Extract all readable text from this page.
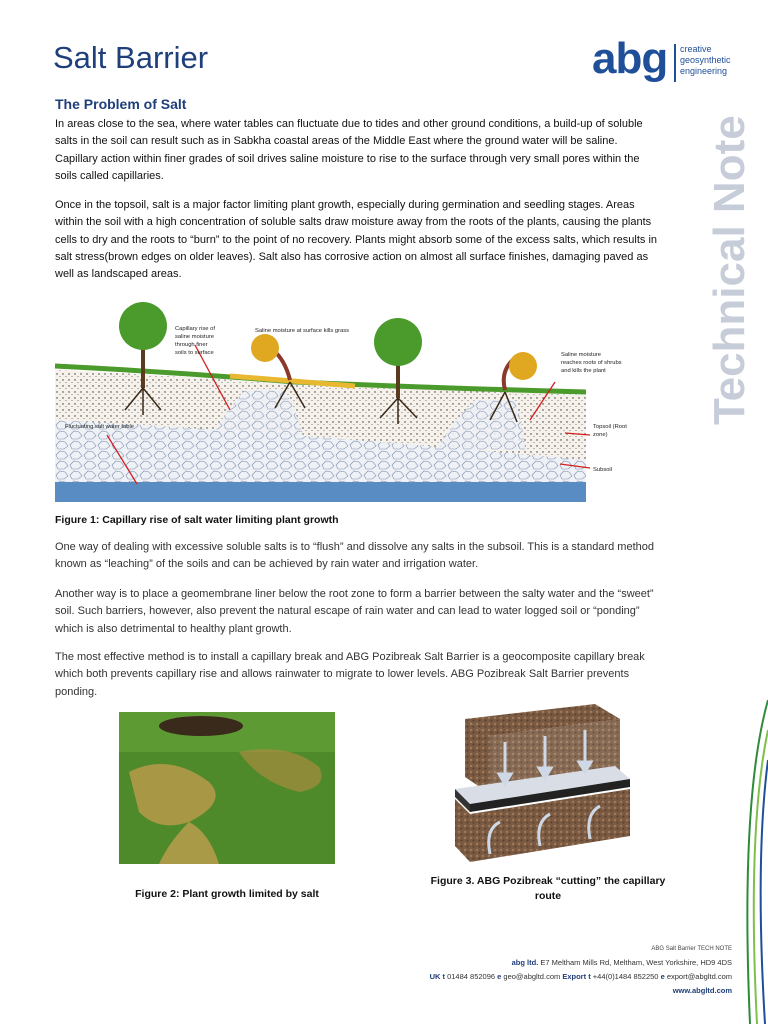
Salt Barrier	abg creative
geosynthetic
engineering
Technical Note
The Problem of Salt
In areas close to the sea, where water tables can fluctuate due to tides and other ground conditions, a build-up of soluble salts in the soil can result such as in Sabkha coastal areas of the Middle East where the ground water will be saline. Capillary action within finer grades of soil drives saline moisture to rise to the surface through very small pores within the soils called capillaries.
Once in the topsoil, salt is a major factor limiting plant growth, especially during germination and seedling stages. Areas within the soil with a high concentration of soluble salts draw moisture away from the roots of the plants, causing the plants cells to dry and the roots to “burn” to the point of no recovery. Plants might absorb some of the excess salts, which results in salt stress(brown edges on older leaves). Salt also has corrosive action on almost all surface finishes, damaging paved as well as landscaped areas.
Capillary rise of
saline moisture
through finer
soils to surface
Saline moisture at surface kills grass
Saline moisture
reaches roots of shrubs
and kills the plant
Fluctuating salt water table	Topsoil (Root
zone)
Subsoil
Figure 1: Capillary rise of salt water limiting plant growth
One way of dealing with excessive soluble salts is to “flush” and dissolve any salts in the subsoil. This is a standard method known as “leaching” of the soils and can be achieved by rain water and irrigation water.
Another way is to place a geomembrane liner below the root zone to form a barrier between the salty water and the “sweet” soil. Such barriers, however, also prevent the natural escape of rain water and can lead to water logged soil or “ponding” which is also detrimental to healthy plant growth.
The most effective method is to install a capillary break and ABG Pozibreak Salt Barrier is a geocomposite capillary break which both prevents capillary rise and allows rainwater to migrate to lower levels. ABG Pozibreak Salt Barrier prevents ponding.
Figure 2: Plant growth limited by salt
Figure 3. ABG Pozibreak “cutting” the capillary route
ABG Salt Barrier TECH NOTE
abg ltd. E7 Meltham Mills Rd, Meltham, West Yorkshire, HD9 4DS
UK t 01484 852096 e geo@abgltd.com Export t +44(0)1484 852250 e export@abgltd.com
www.abgltd.com
